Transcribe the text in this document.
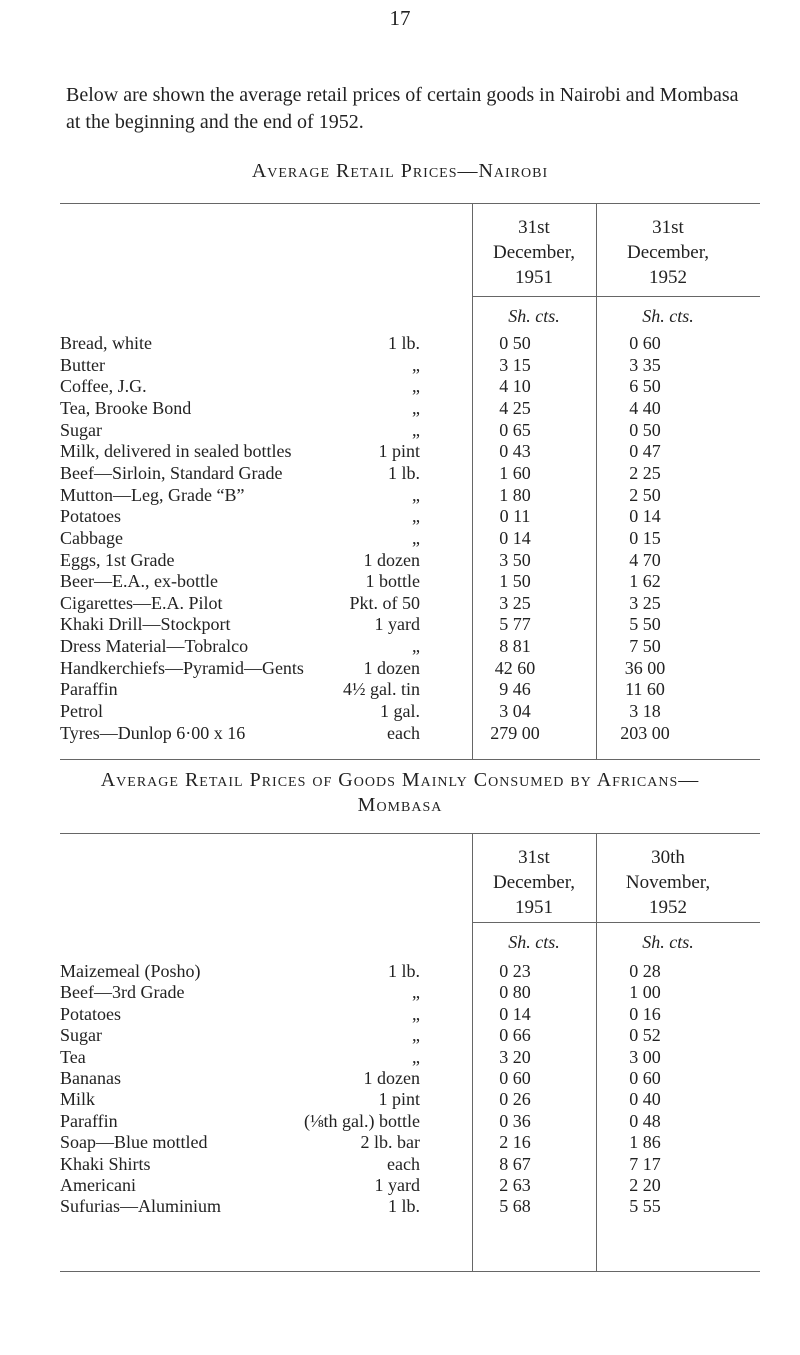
17
Below are shown the average retail prices of certain goods in Nairobi and Mombasa at the beginning and the end of 1952.
Average Retail Prices—Nairobi
31st
December,
1951
31st
December,
1952
Sh. cts.	Sh. cts.
Bread, white	1 lb.	0 50	0 60
Butter	„	3 15	3 35
Coffee, J.G.	„	4 10	6 50
Tea, Brooke Bond	„	4 25	4 40
Sugar	„	0 65	0 50
Milk, delivered in sealed bottles	1 pint	0 43	0 47
Beef—Sirloin, Standard Grade	1 lb.	1 60	2 25
Mutton—Leg, Grade “B”	„	1 80	2 50
Potatoes	„	0 11	0 14
Cabbage	„	0 14	0 15
Eggs, 1st Grade	1 dozen	3 50	4 70
Beer—E.A., ex-bottle	1 bottle	1 50	1 62
Cigarettes—E.A. Pilot	Pkt. of 50	3 25	3 25
Khaki Drill—Stockport	1 yard	5 77	5 50
Dress Material—Tobralco	„	8 81	7 50
Handkerchiefs—Pyramid—Gents	1 dozen	42 60	36 00
Paraffin	4½ gal. tin	9 46	11 60
Petrol	1 gal.	3 04	3 18
Tyres—Dunlop 6·00 x 16	each	279 00	203 00
Average Retail Prices of Goods Mainly Consumed by Africans—
Mombasa
31st
December,
1951
30th
November,
1952
Sh. cts.	Sh. cts.
Maizemeal (Posho)	1 lb.	0 23	0 28
Beef—3rd Grade	„	0 80	1 00
Potatoes	„	0 14	0 16
Sugar	„	0 66	0 52
Tea	„	3 20	3 00
Bananas	1 dozen	0 60	0 60
Milk	1 pint	0 26	0 40
Paraffin	(⅛th gal.) bottle	0 36	0 48
Soap—Blue mottled	2 lb. bar	2 16	1 86
Khaki Shirts	each	8 67	7 17
Americani	1 yard	2 63	2 20
Sufurias—Aluminium	1 lb.	5 68	5 55
